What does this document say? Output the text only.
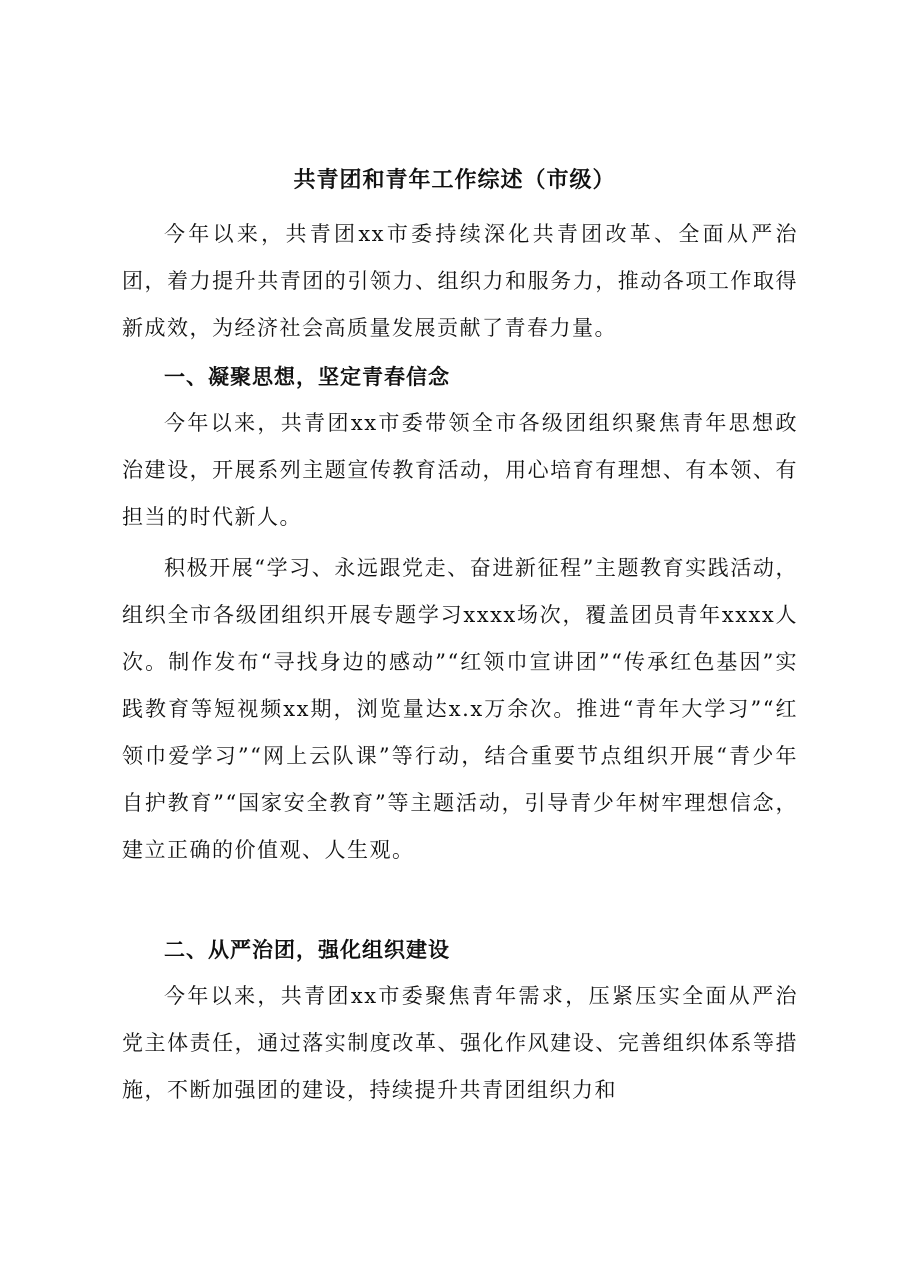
共青团和青年工作综述（市级）

今年以来，共青团xx市委持续深化共青团改革、全面从严治团，着力提升共青团的引领力、组织力和服务力，推动各项工作取得新成效，为经济社会高质量发展贡献了青春力量。

一、凝聚思想，坚定青春信念

今年以来，共青团xx市委带领全市各级团组织聚焦青年思想政治建设，开展系列主题宣传教育活动，用心培育有理想、有本领、有担当的时代新人。

积极开展“学习、永远跟党走、奋进新征程”主题教育实践活动，组织全市各级团组织开展专题学习xxxx场次，覆盖团员青年xxxx人次。制作发布“寻找身边的感动”“红领巾宣讲团”“传承红色基因”实践教育等短视频xx期，浏览量达x.x万余次。推进“青年大学习”“红领巾爱学习”“网上云队课”等行动，结合重要节点组织开展“青少年自护教育”“国家安全教育”等主题活动，引导青少年树牢理想信念，建立正确的价值观、人生观。

二、从严治团，强化组织建设

今年以来，共青团xx市委聚焦青年需求，压紧压实全面从严治党主体责任，通过落实制度改革、强化作风建设、完善组织体系等措施，不断加强团的建设，持续提升共青团组织力和
